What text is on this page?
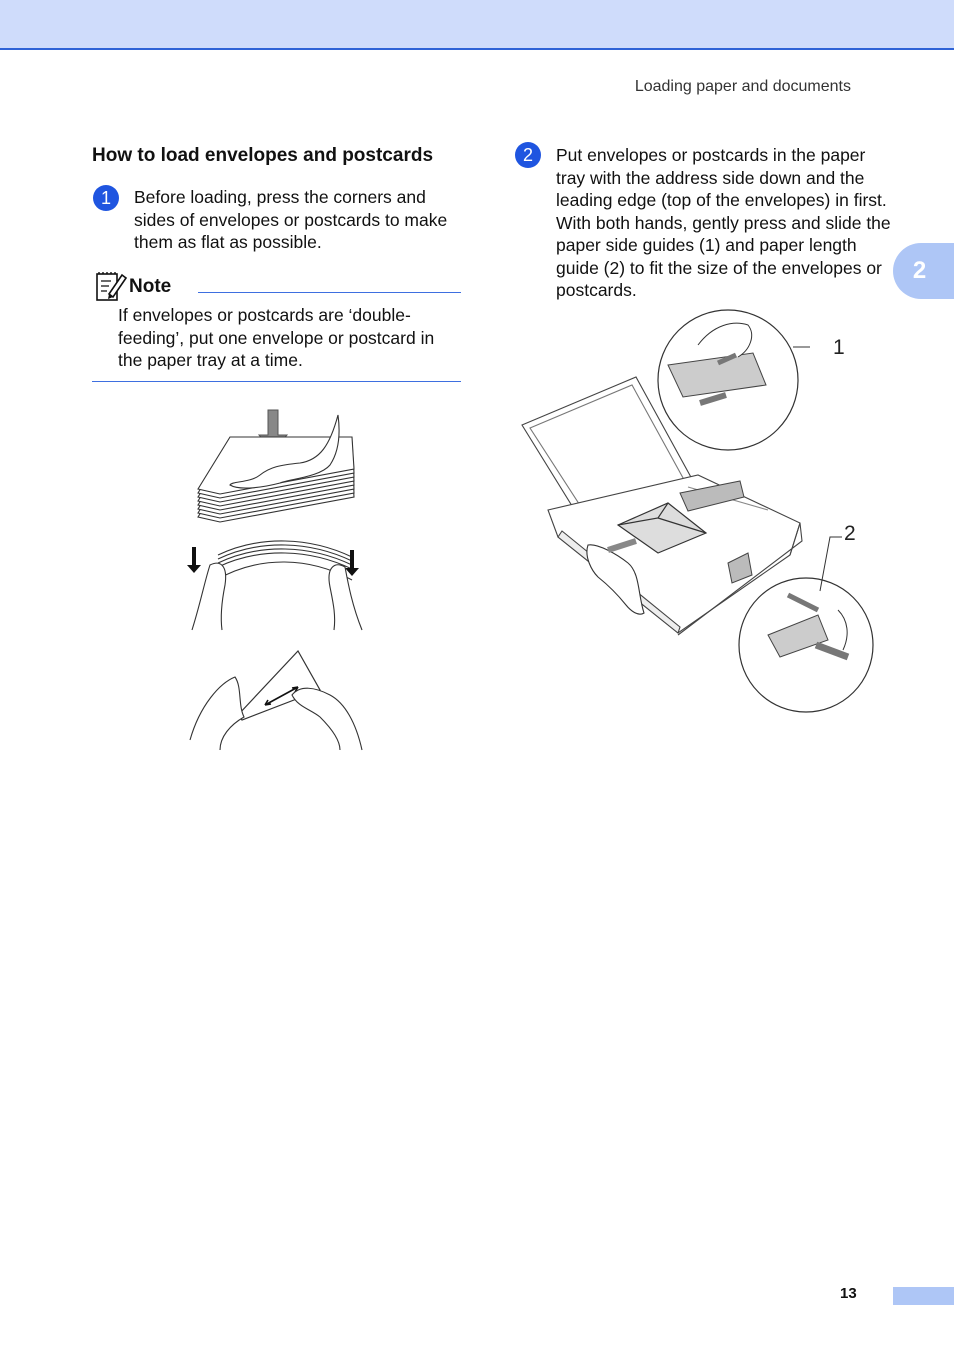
Loading paper and documents
2
How to load envelopes and postcards
1	Before loading, press the corners and sides of envelopes or postcards to make them as flat as possible.

Note

If envelopes or postcards are ‘double-feeding’, put one envelope or postcard in the paper tray at a time.

2	Put envelopes or postcards in the paper tray with the address side down and the leading edge (top of the envelopes) in first. With both hands, gently press and slide the paper side guides (1) and paper length guide (2) to fit the size of the envelopes or postcards.

1
2
13
